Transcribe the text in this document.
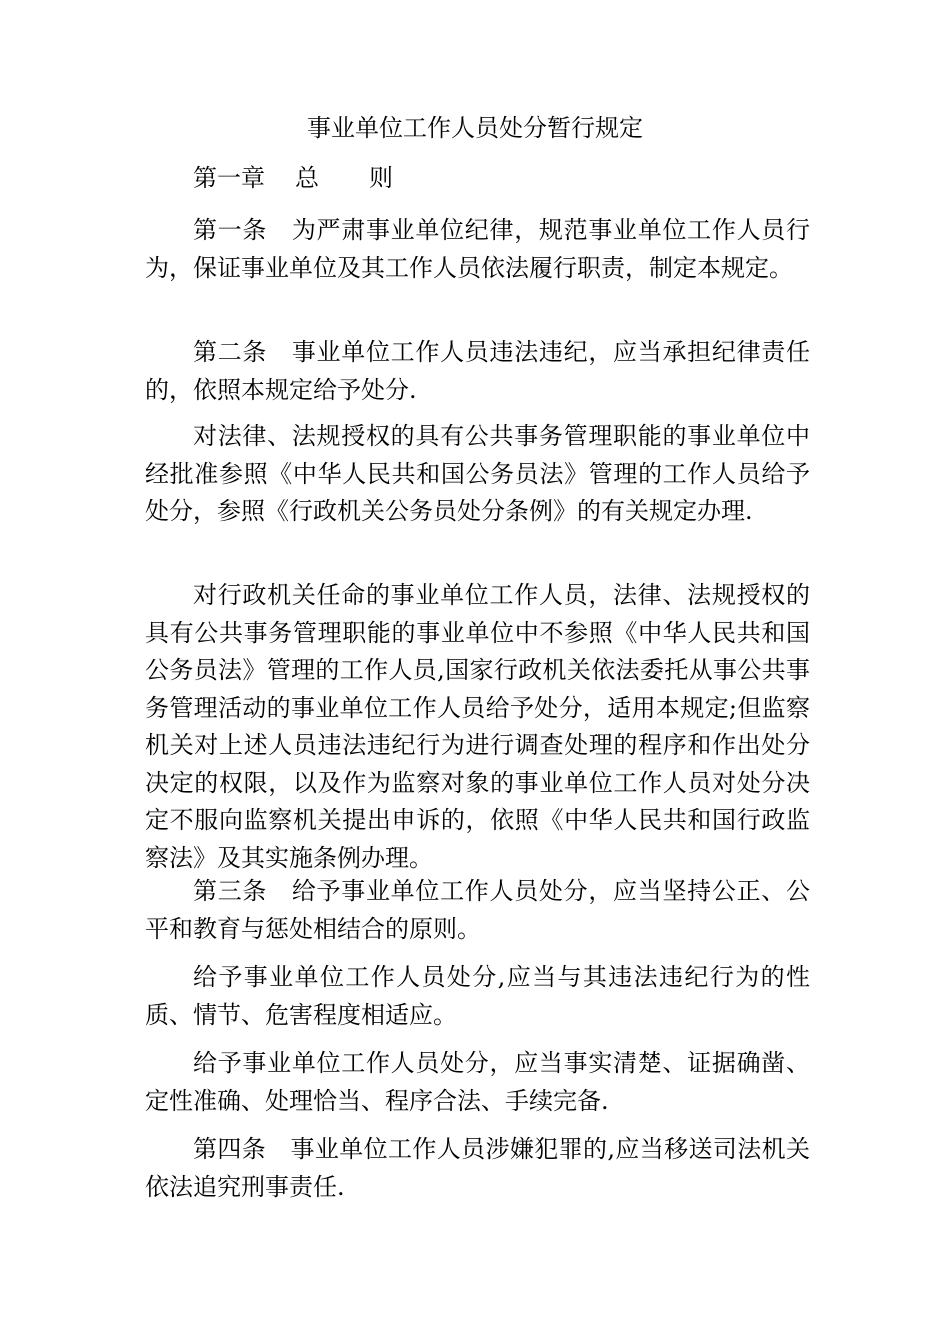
事业单位工作人员处分暂行规定
第一章 总 则
第一条 为严肃事业单位纪律，规范事业单位工作人员行为，保证事业单位及其工作人员依法履行职责，制定本规定。
第二条 事业单位工作人员违法违纪，应当承担纪律责任的，依照本规定给予处分.
对法律、法规授权的具有公共事务管理职能的事业单位中经批准参照《中华人民共和国公务员法》管理的工作人员给予处分，参照《行政机关公务员处分条例》的有关规定办理.
对行政机关任命的事业单位工作人员，法律、法规授权的具有公共事务管理职能的事业单位中不参照《中华人民共和国公务员法》管理的工作人员,国家行政机关依法委托从事公共事务管理活动的事业单位工作人员给予处分，适用本规定;但监察机关对上述人员违法违纪行为进行调查处理的程序和作出处分决定的权限，以及作为监察对象的事业单位工作人员对处分决定不服向监察机关提出申诉的，依照《中华人民共和国行政监察法》及其实施条例办理。
第三条 给予事业单位工作人员处分，应当坚持公正、公平和教育与惩处相结合的原则。
给予事业单位工作人员处分,应当与其违法违纪行为的性质、情节、危害程度相适应。
给予事业单位工作人员处分，应当事实清楚、证据确凿、定性准确、处理恰当、程序合法、手续完备.
第四条 事业单位工作人员涉嫌犯罪的,应当移送司法机关依法追究刑事责任.
